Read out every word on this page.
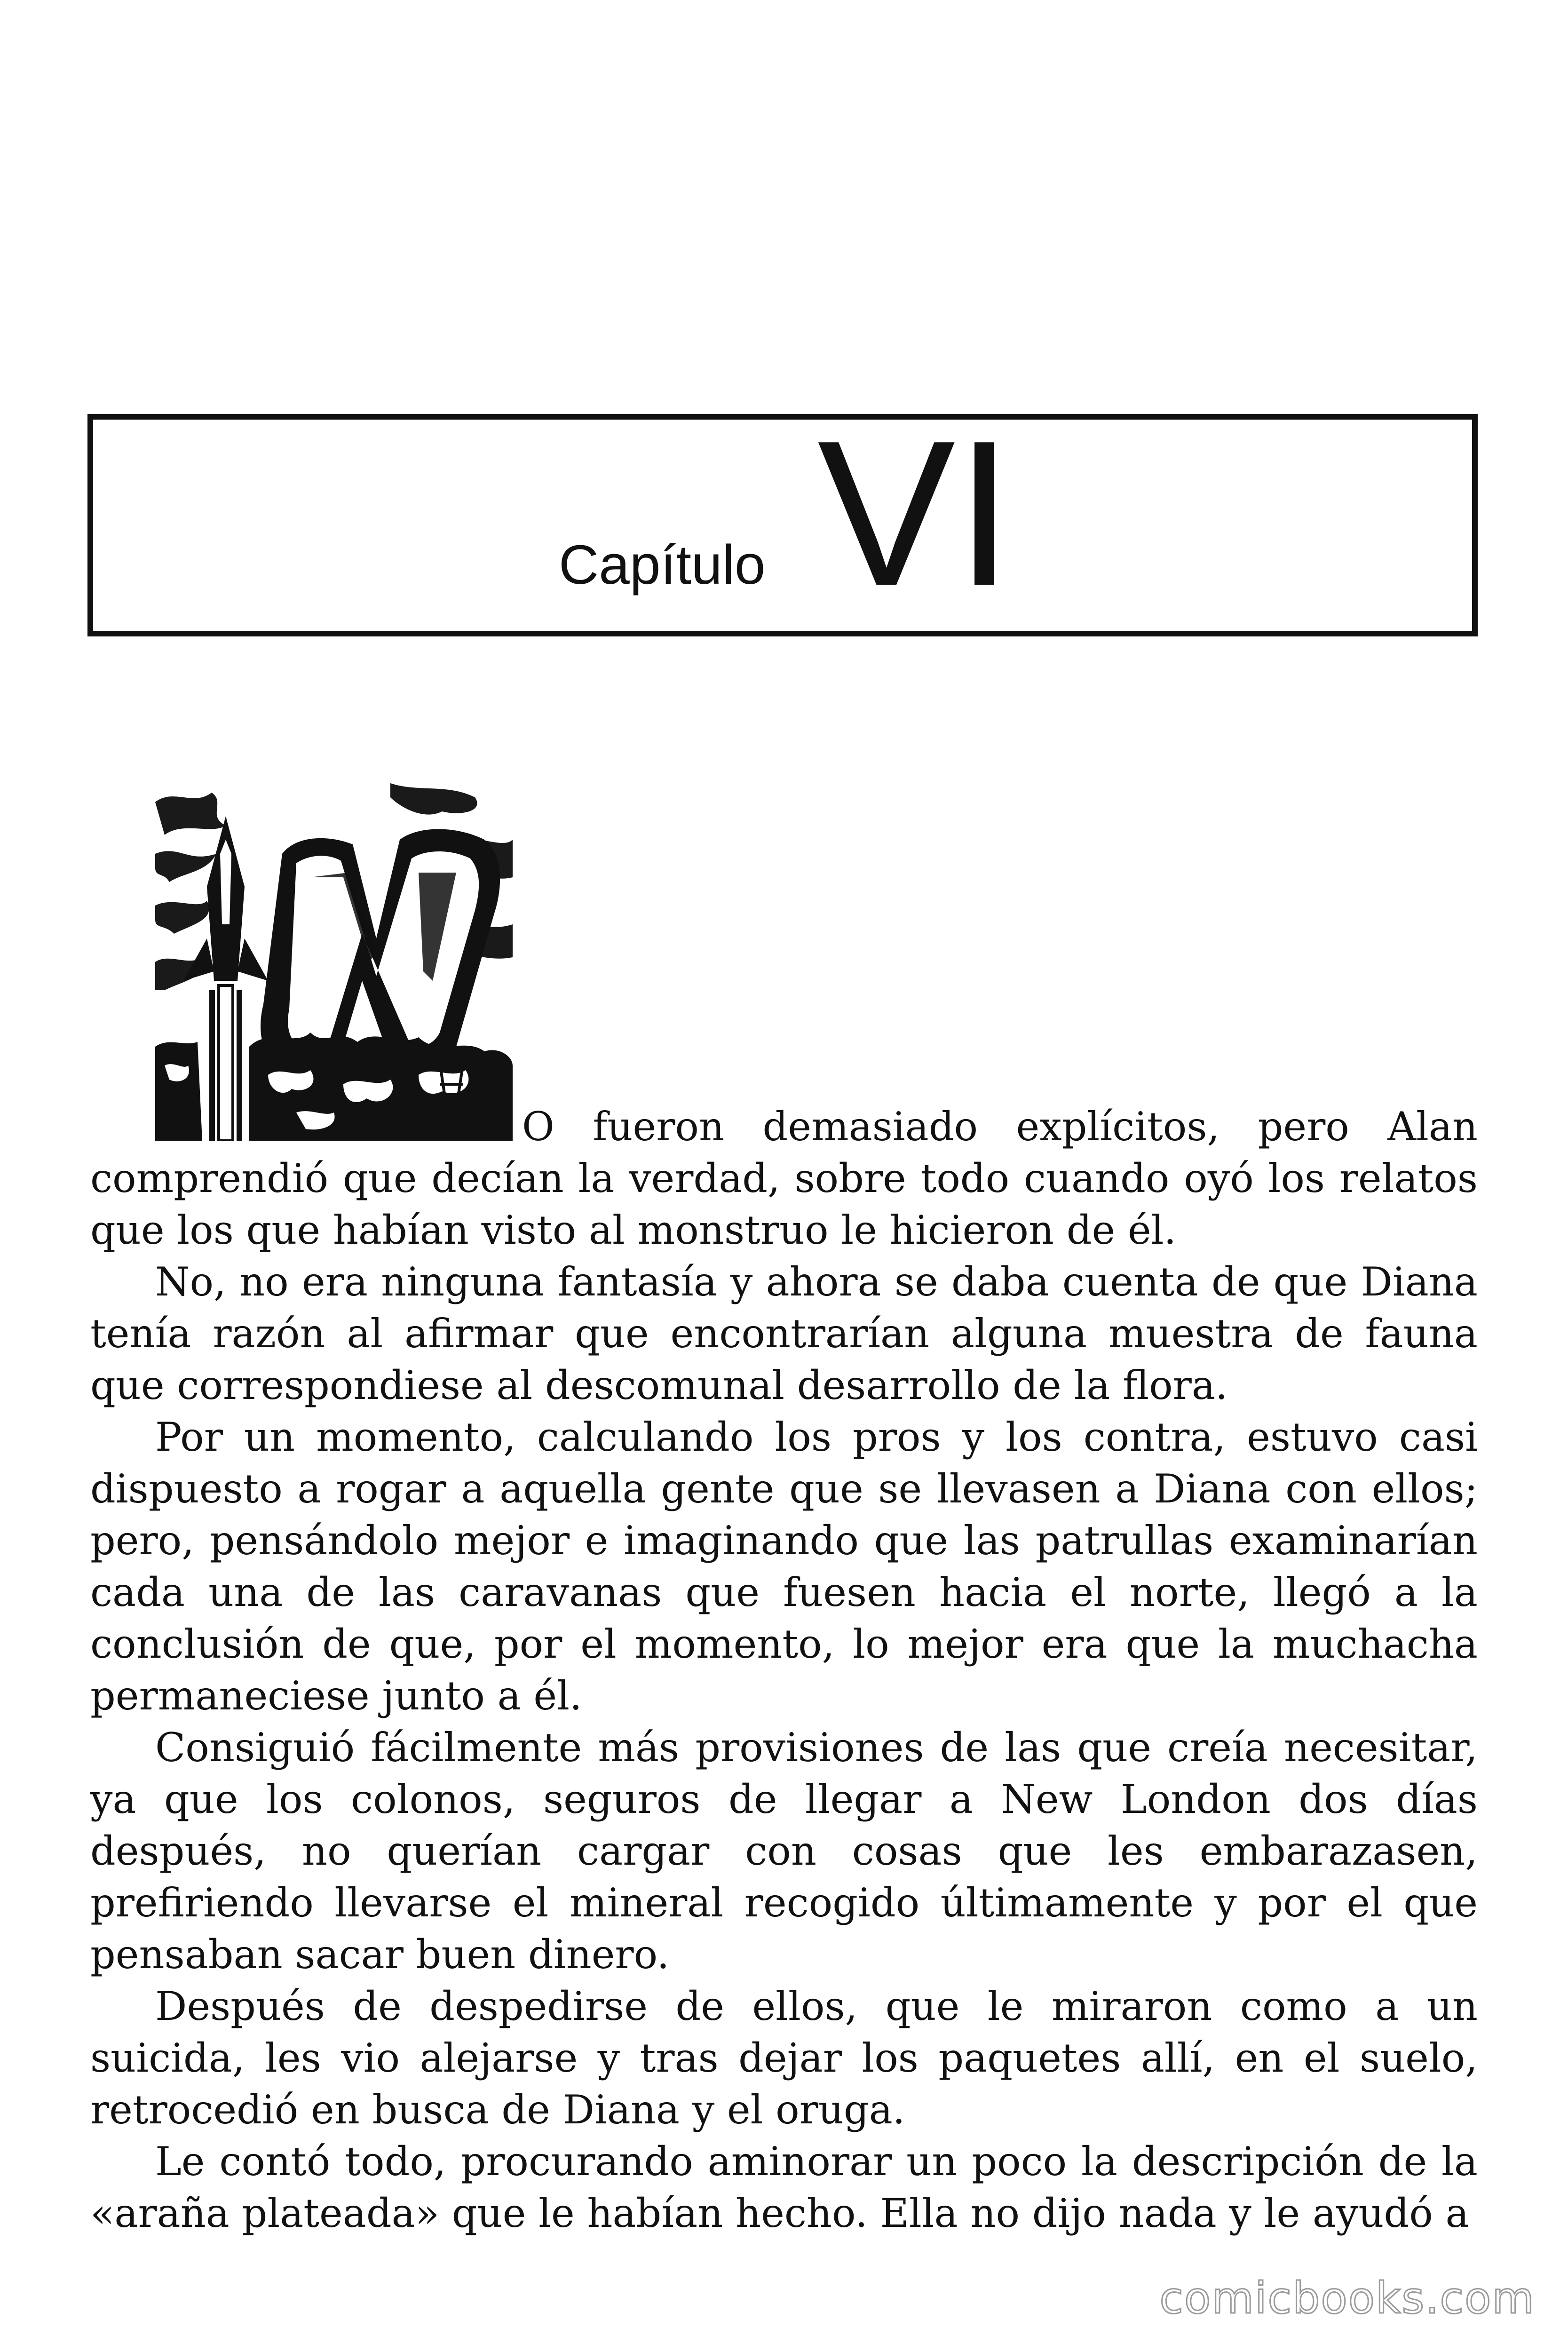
Capítulo VI

O fueron demasiado explícitos, pero Alan comprendió que decían la verdad, sobre todo cuando oyó los relatos que los que habían visto al monstruo le hicieron de él.

No, no era ninguna fantasía y ahora se daba cuenta de que Diana tenía razón al afirmar que encontrarían alguna muestra de fauna que correspondiese al descomunal desarrollo de la flora.

Por un momento, calculando los pros y los contra, estuvo casi dispuesto a rogar a aquella gente que se llevasen a Diana con ellos; pero, pensándolo mejor e imaginando que las patrullas examinarían cada una de las caravanas que fuesen hacia el norte, llegó a la conclusión de que, por el momento, lo mejor era que la muchacha permaneciese junto a él.

Consiguió fácilmente más provisiones de las que creía necesitar, ya que los colonos, seguros de llegar a New London dos días después, no querían cargar con cosas que les embarazasen, prefiriendo llevarse el mineral recogido últimamente y por el que pensaban sacar buen dinero.

Después de despedirse de ellos, que le miraron como a un suicida, les vio alejarse y tras dejar los paquetes allí, en el suelo, retrocedió en busca de Diana y el oruga.

Le contó todo, procurando aminorar un poco la descripción de la «araña plateada» que le habían hecho. Ella no dijo nada y le ayudó a

comicbooks.com
